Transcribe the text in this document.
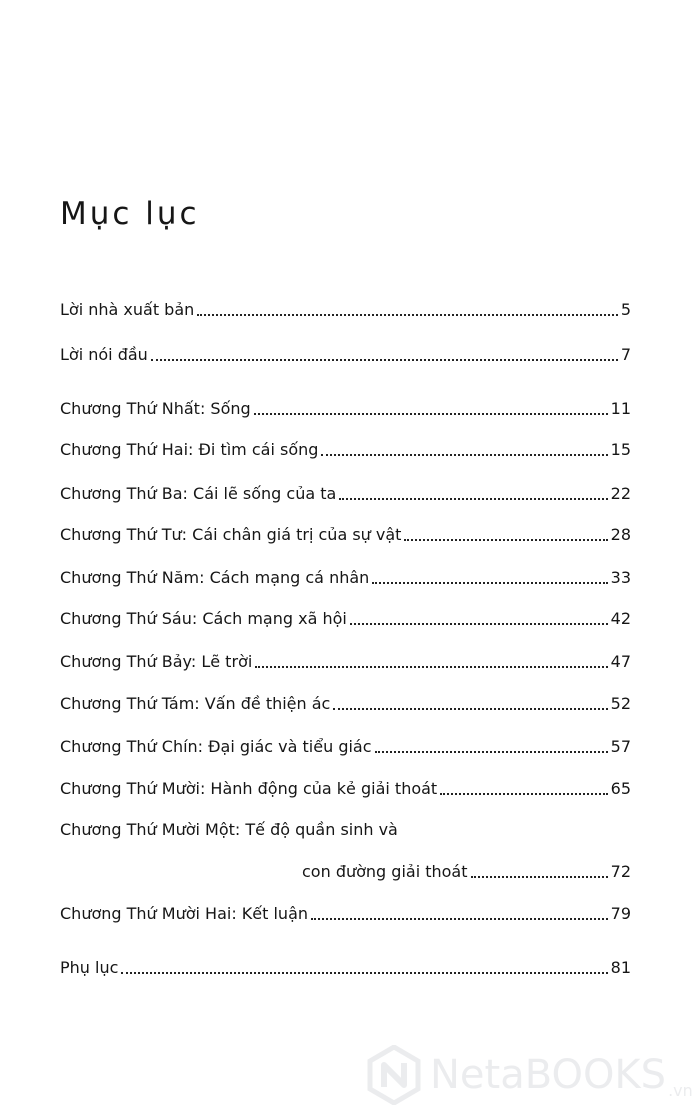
Mục lục
Lời nhà xuất bản	5
Lời nói đầu	7
Chương Thứ Nhất: Sống	11
Chương Thứ Hai: Đi tìm cái sống	15
Chương Thứ Ba: Cái lẽ sống của ta	22
Chương Thứ Tư: Cái chân giá trị của sự vật	28
Chương Thứ Năm: Cách mạng cá nhân	33
Chương Thứ Sáu: Cách mạng xã hội	42
Chương Thứ Bảy: Lẽ trời	47
Chương Thứ Tám: Vấn đề thiện ác	52
Chương Thứ Chín: Đại giác và tiểu giác	57
Chương Thứ Mười: Hành động của kẻ giải thoát	65
Chương Thứ Mười Một: Tế độ quần sinh và
con đường giải thoát	72
Chương Thứ Mười Hai: Kết luận	79
Phụ lục	81
NetaBOOKS .vn
